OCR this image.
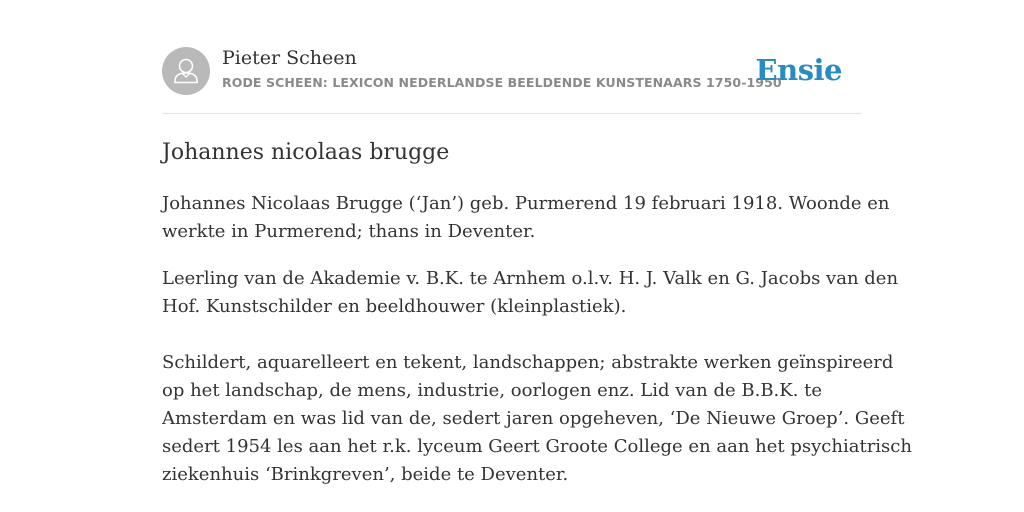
Pieter Scheen
RODE SCHEEN: LEXICON NEDERLANDSE BEELDENDE KUNSTENAARS 1750-1950
Ensie
Johannes nicolaas brugge

Johannes Nicolaas Brugge (‘Jan’) geb. Purmerend 19 februari 1918. Woonde en
werkte in Purmerend; thans in Deventer.

Leerling van de Akademie v. B.K. te Arnhem o.l.v. H. J. Valk en G. Jacobs van den
Hof. Kunstschilder en beeldhouwer (kleinplastiek).

Schildert, aquarelleert en tekent, landschappen; abstrakte werken geïnspireerd
op het landschap, de mens, industrie, oorlogen enz. Lid van de B.B.K. te
Amsterdam en was lid van de, sedert jaren opgeheven, ‘De Nieuwe Groep’. Geeft
sedert 1954 les aan het r.k. lyceum Geert Groote College en aan het psychiatrisch
ziekenhuis ‘Brinkgreven’, beide te Deventer.
